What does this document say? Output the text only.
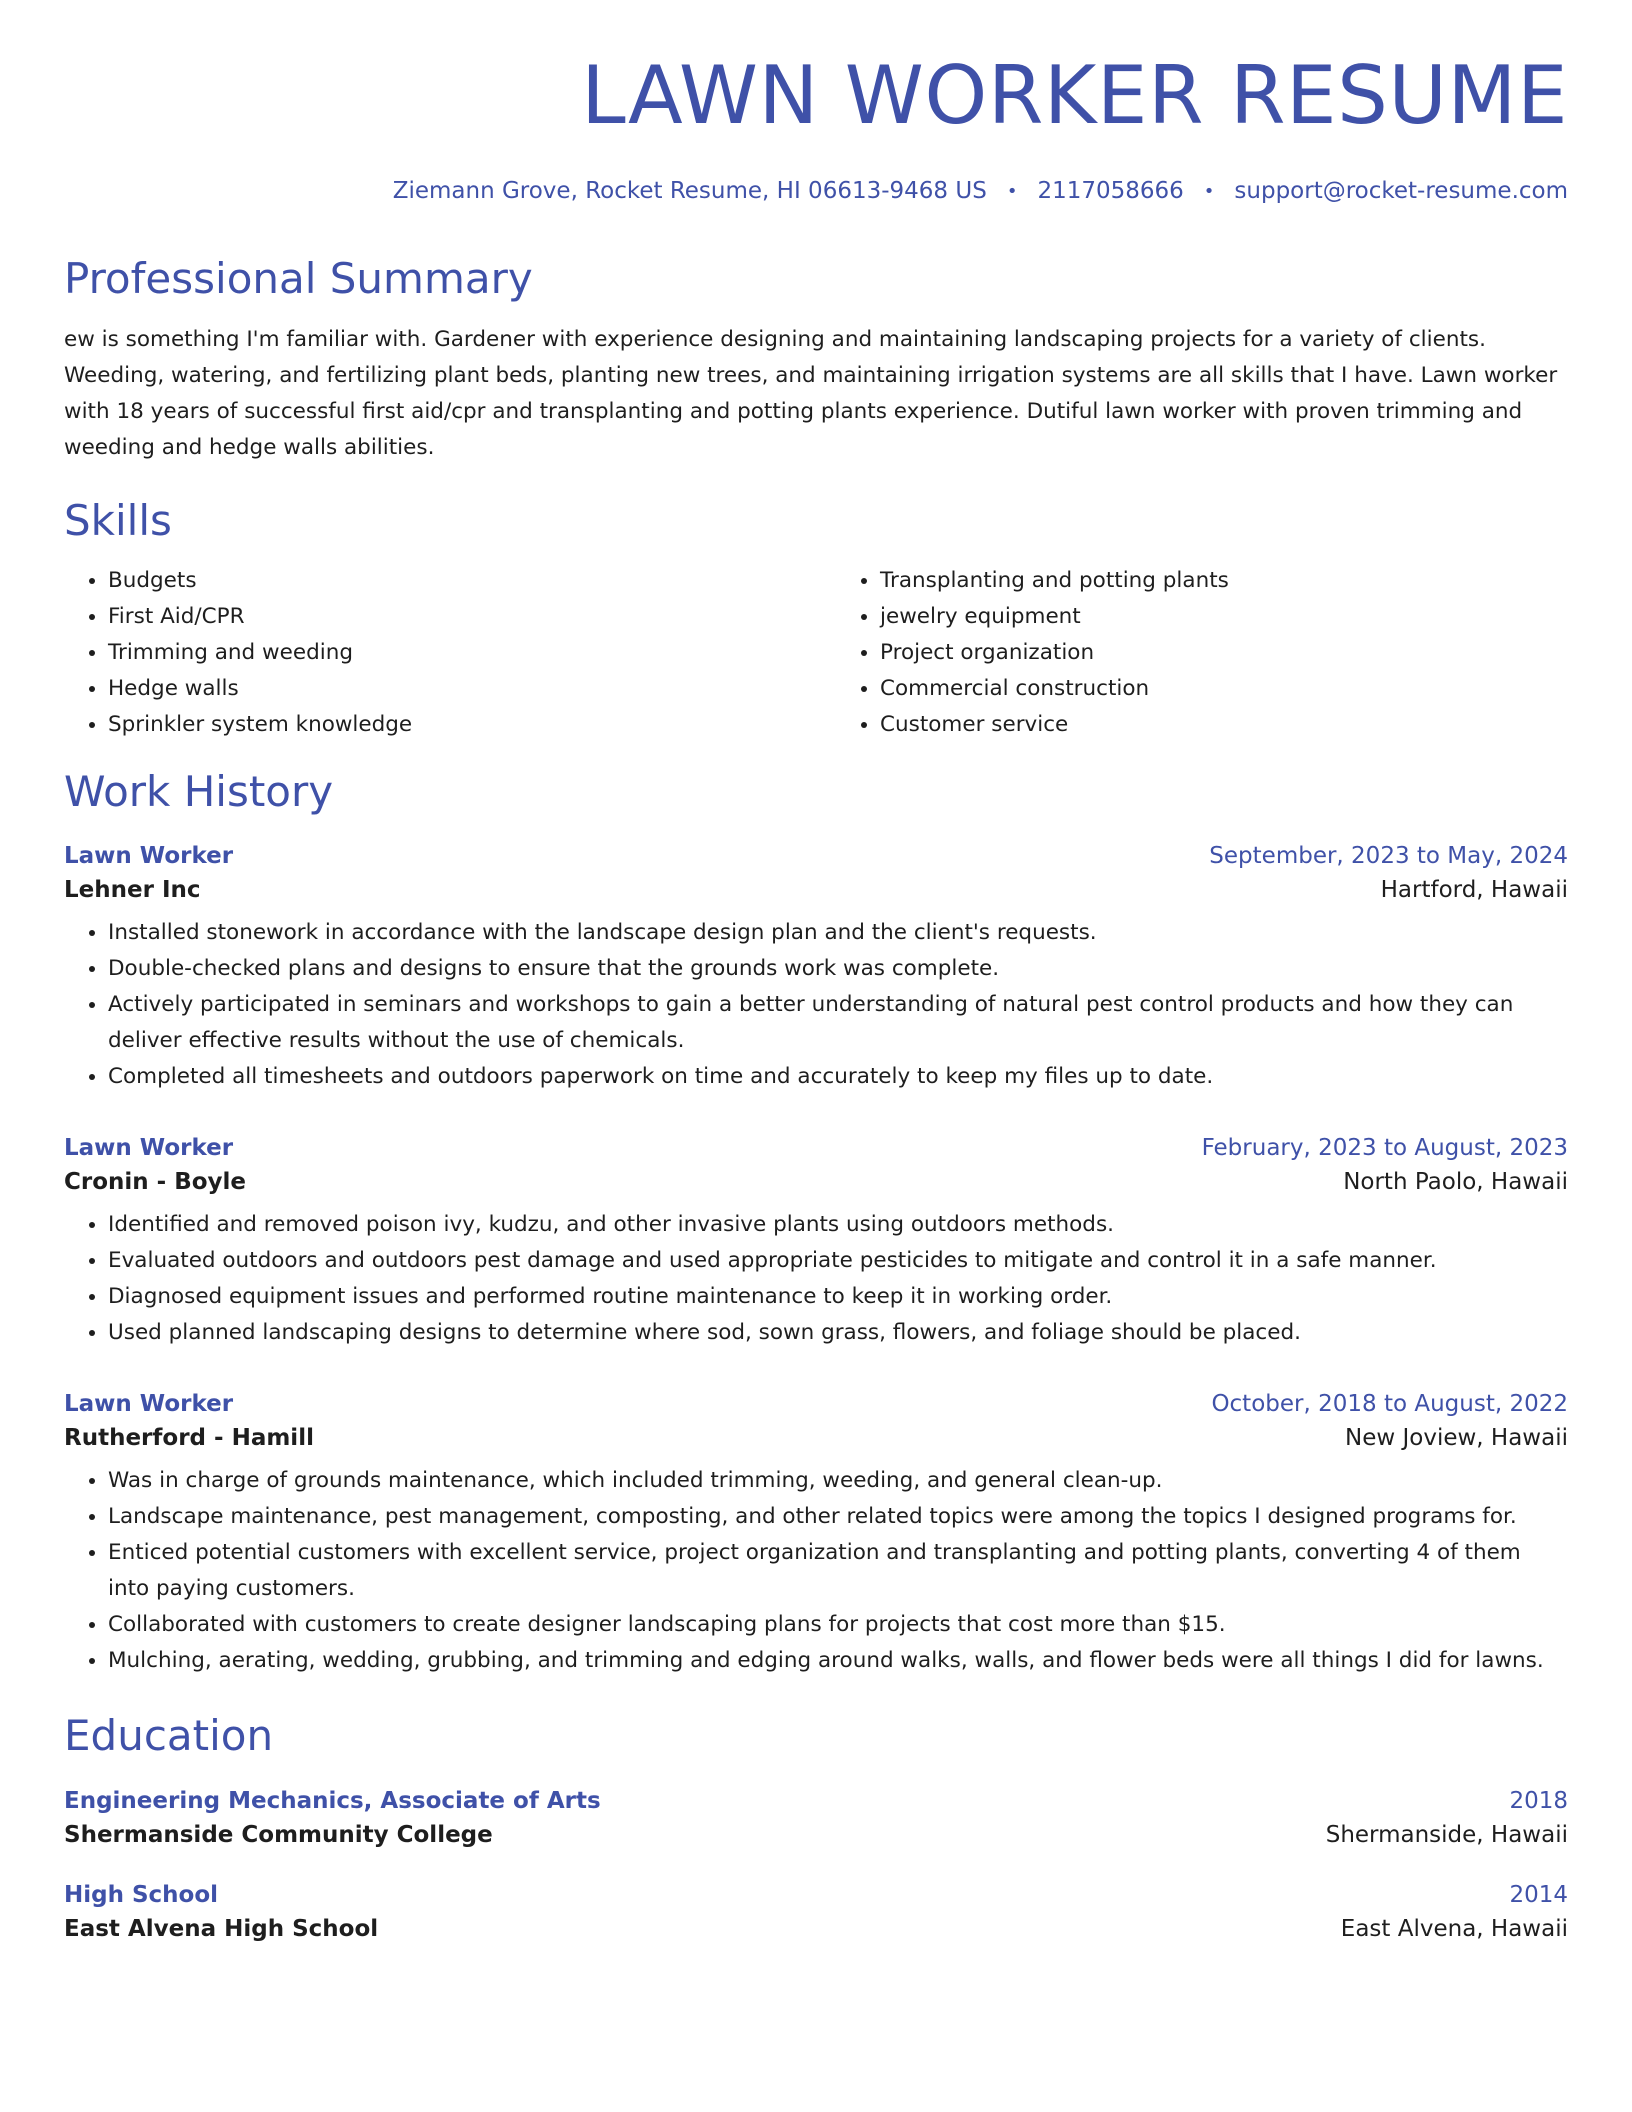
LAWN WORKER RESUME
Ziemann Grove, Rocket Resume, HI 06613-9468 US • 2117058666 • support@rocket-resume.com
Professional Summary

ew is something I'm familiar with. Gardener with experience designing and maintaining landscaping projects for a variety of clients. Weeding, watering, and fertilizing plant beds, planting new trees, and maintaining irrigation systems are all skills that I have. Lawn worker with 18 years of successful first aid/cpr and transplanting and potting plants experience. Dutiful lawn worker with proven trimming and weeding and hedge walls abilities.

Skills
• Budgets
• First Aid/CPR
• Trimming and weeding
• Hedge walls
• Sprinkler system knowledge
• Transplanting and potting plants
• jewelry equipment
• Project organization
• Commercial construction
• Customer service
Work History
Lawn Worker	September, 2023 to May, 2024
Lehner Inc	Hartford, Hawaii
• Installed stonework in accordance with the landscape design plan and the client's requests.
• Double-checked plans and designs to ensure that the grounds work was complete.
• Actively participated in seminars and workshops to gain a better understanding of natural pest control products and how they can deliver effective results without the use of chemicals.
• Completed all timesheets and outdoors paperwork on time and accurately to keep my files up to date.
Lawn Worker	February, 2023 to August, 2023
Cronin - Boyle	North Paolo, Hawaii
• Identified and removed poison ivy, kudzu, and other invasive plants using outdoors methods.
• Evaluated outdoors and outdoors pest damage and used appropriate pesticides to mitigate and control it in a safe manner.
• Diagnosed equipment issues and performed routine maintenance to keep it in working order.
• Used planned landscaping designs to determine where sod, sown grass, flowers, and foliage should be placed.
Lawn Worker	October, 2018 to August, 2022
Rutherford - Hamill	New Joview, Hawaii
• Was in charge of grounds maintenance, which included trimming, weeding, and general clean-up.
• Landscape maintenance, pest management, composting, and other related topics were among the topics I designed programs for.
• Enticed potential customers with excellent service, project organization and transplanting and potting plants, converting 4 of them into paying customers.
• Collaborated with customers to create designer landscaping plans for projects that cost more than $15.
• Mulching, aerating, wedding, grubbing, and trimming and edging around walks, walls, and flower beds were all things I did for lawns.
Education
Engineering Mechanics, Associate of Arts	2018
Shermanside Community College	Shermanside, Hawaii
High School	2014
East Alvena High School	East Alvena, Hawaii
